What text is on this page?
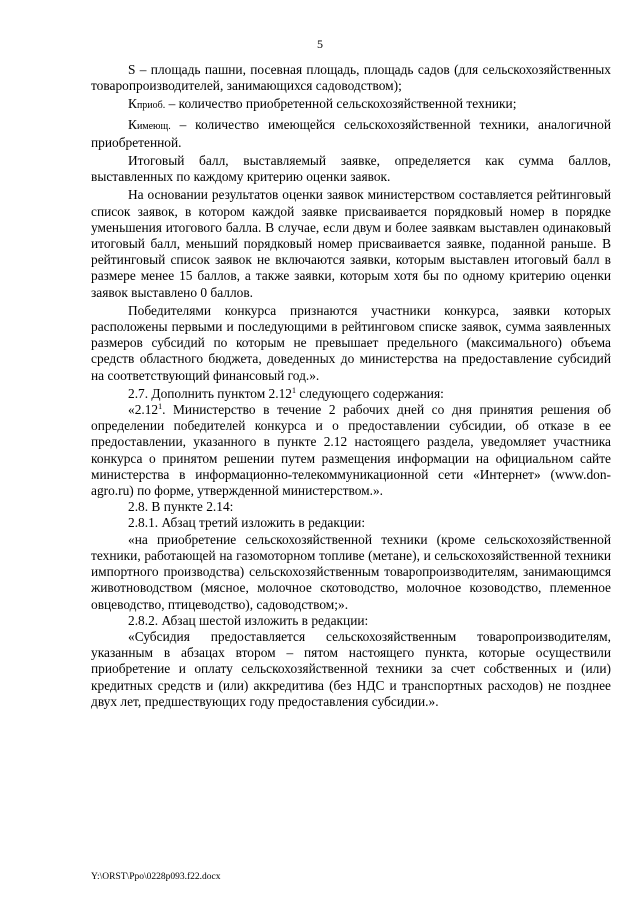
5

S – площадь пашни, посевная площадь, площадь садов (для сельскохозяйственных товаропроизводителей, занимающихся садоводством);

Кприоб. – количество приобретенной сельскохозяйственной техники;

Кимеющ. – количество имеющейся сельскохозяйственной техники, аналогичной приобретенной.

Итоговый балл, выставляемый заявке, определяется как сумма баллов, выставленных по каждому критерию оценки заявок.

На основании результатов оценки заявок министерством составляется рейтинговый список заявок, в котором каждой заявке присваивается порядковый номер в порядке уменьшения итогового балла. В случае, если двум и более заявкам выставлен одинаковый итоговый балл, меньший порядковый номер присваивается заявке, поданной раньше. В рейтинговый список заявок не включаются заявки, которым выставлен итоговый балл в размере менее 15 баллов, а также заявки, которым хотя бы по одному критерию оценки заявок выставлено 0 баллов.

Победителями конкурса признаются участники конкурса, заявки которых расположены первыми и последующими в рейтинговом списке заявок, сумма заявленных размеров субсидий по которым не превышает предельного (максимального) объема средств областного бюджета, доведенных до министерства на предоставление субсидий на соответствующий финансовый год.».

2.7. Дополнить пунктом 2.12$^1$ следующего содержания:

«2.12$^1$. Министерство в течение 2 рабочих дней со дня принятия решения об определении победителей конкурса и о предоставлении субсидии, об отказе в ее предоставлении, указанного в пункте 2.12 настоящего раздела, уведомляет участника конкурса о принятом решении путем размещения информации на официальном сайте министерства в информационно-телекоммуникационной сети «Интернет» (www.don-agro.ru) по форме, утвержденной министерством.».

2.8. В пункте 2.14:

2.8.1. Абзац третий изложить в редакции:

«на приобретение сельскохозяйственной техники (кроме сельскохозяйственной техники, работающей на газомоторном топливе (метане), и сельскохозяйственной техники импортного производства) сельскохозяйственным товаропроизводителям, занимающимся животноводством (мясное, молочное скотоводство, молочное козоводство, племенное овцеводство, птицеводство), садоводством;».

2.8.2. Абзац шестой изложить в редакции:

«Субсидия предоставляется сельскохозяйственным товаропроизводителям, указанным в абзацах втором – пятом настоящего пункта, которые осуществили приобретение и оплату сельскохозяйственной техники за счет собственных и (или) кредитных средств и (или) аккредитива (без НДС и транспортных расходов) не позднее двух лет, предшествующих году предоставления субсидии.».

Y:\ORST\Ppo\0228p093.f22.docx
